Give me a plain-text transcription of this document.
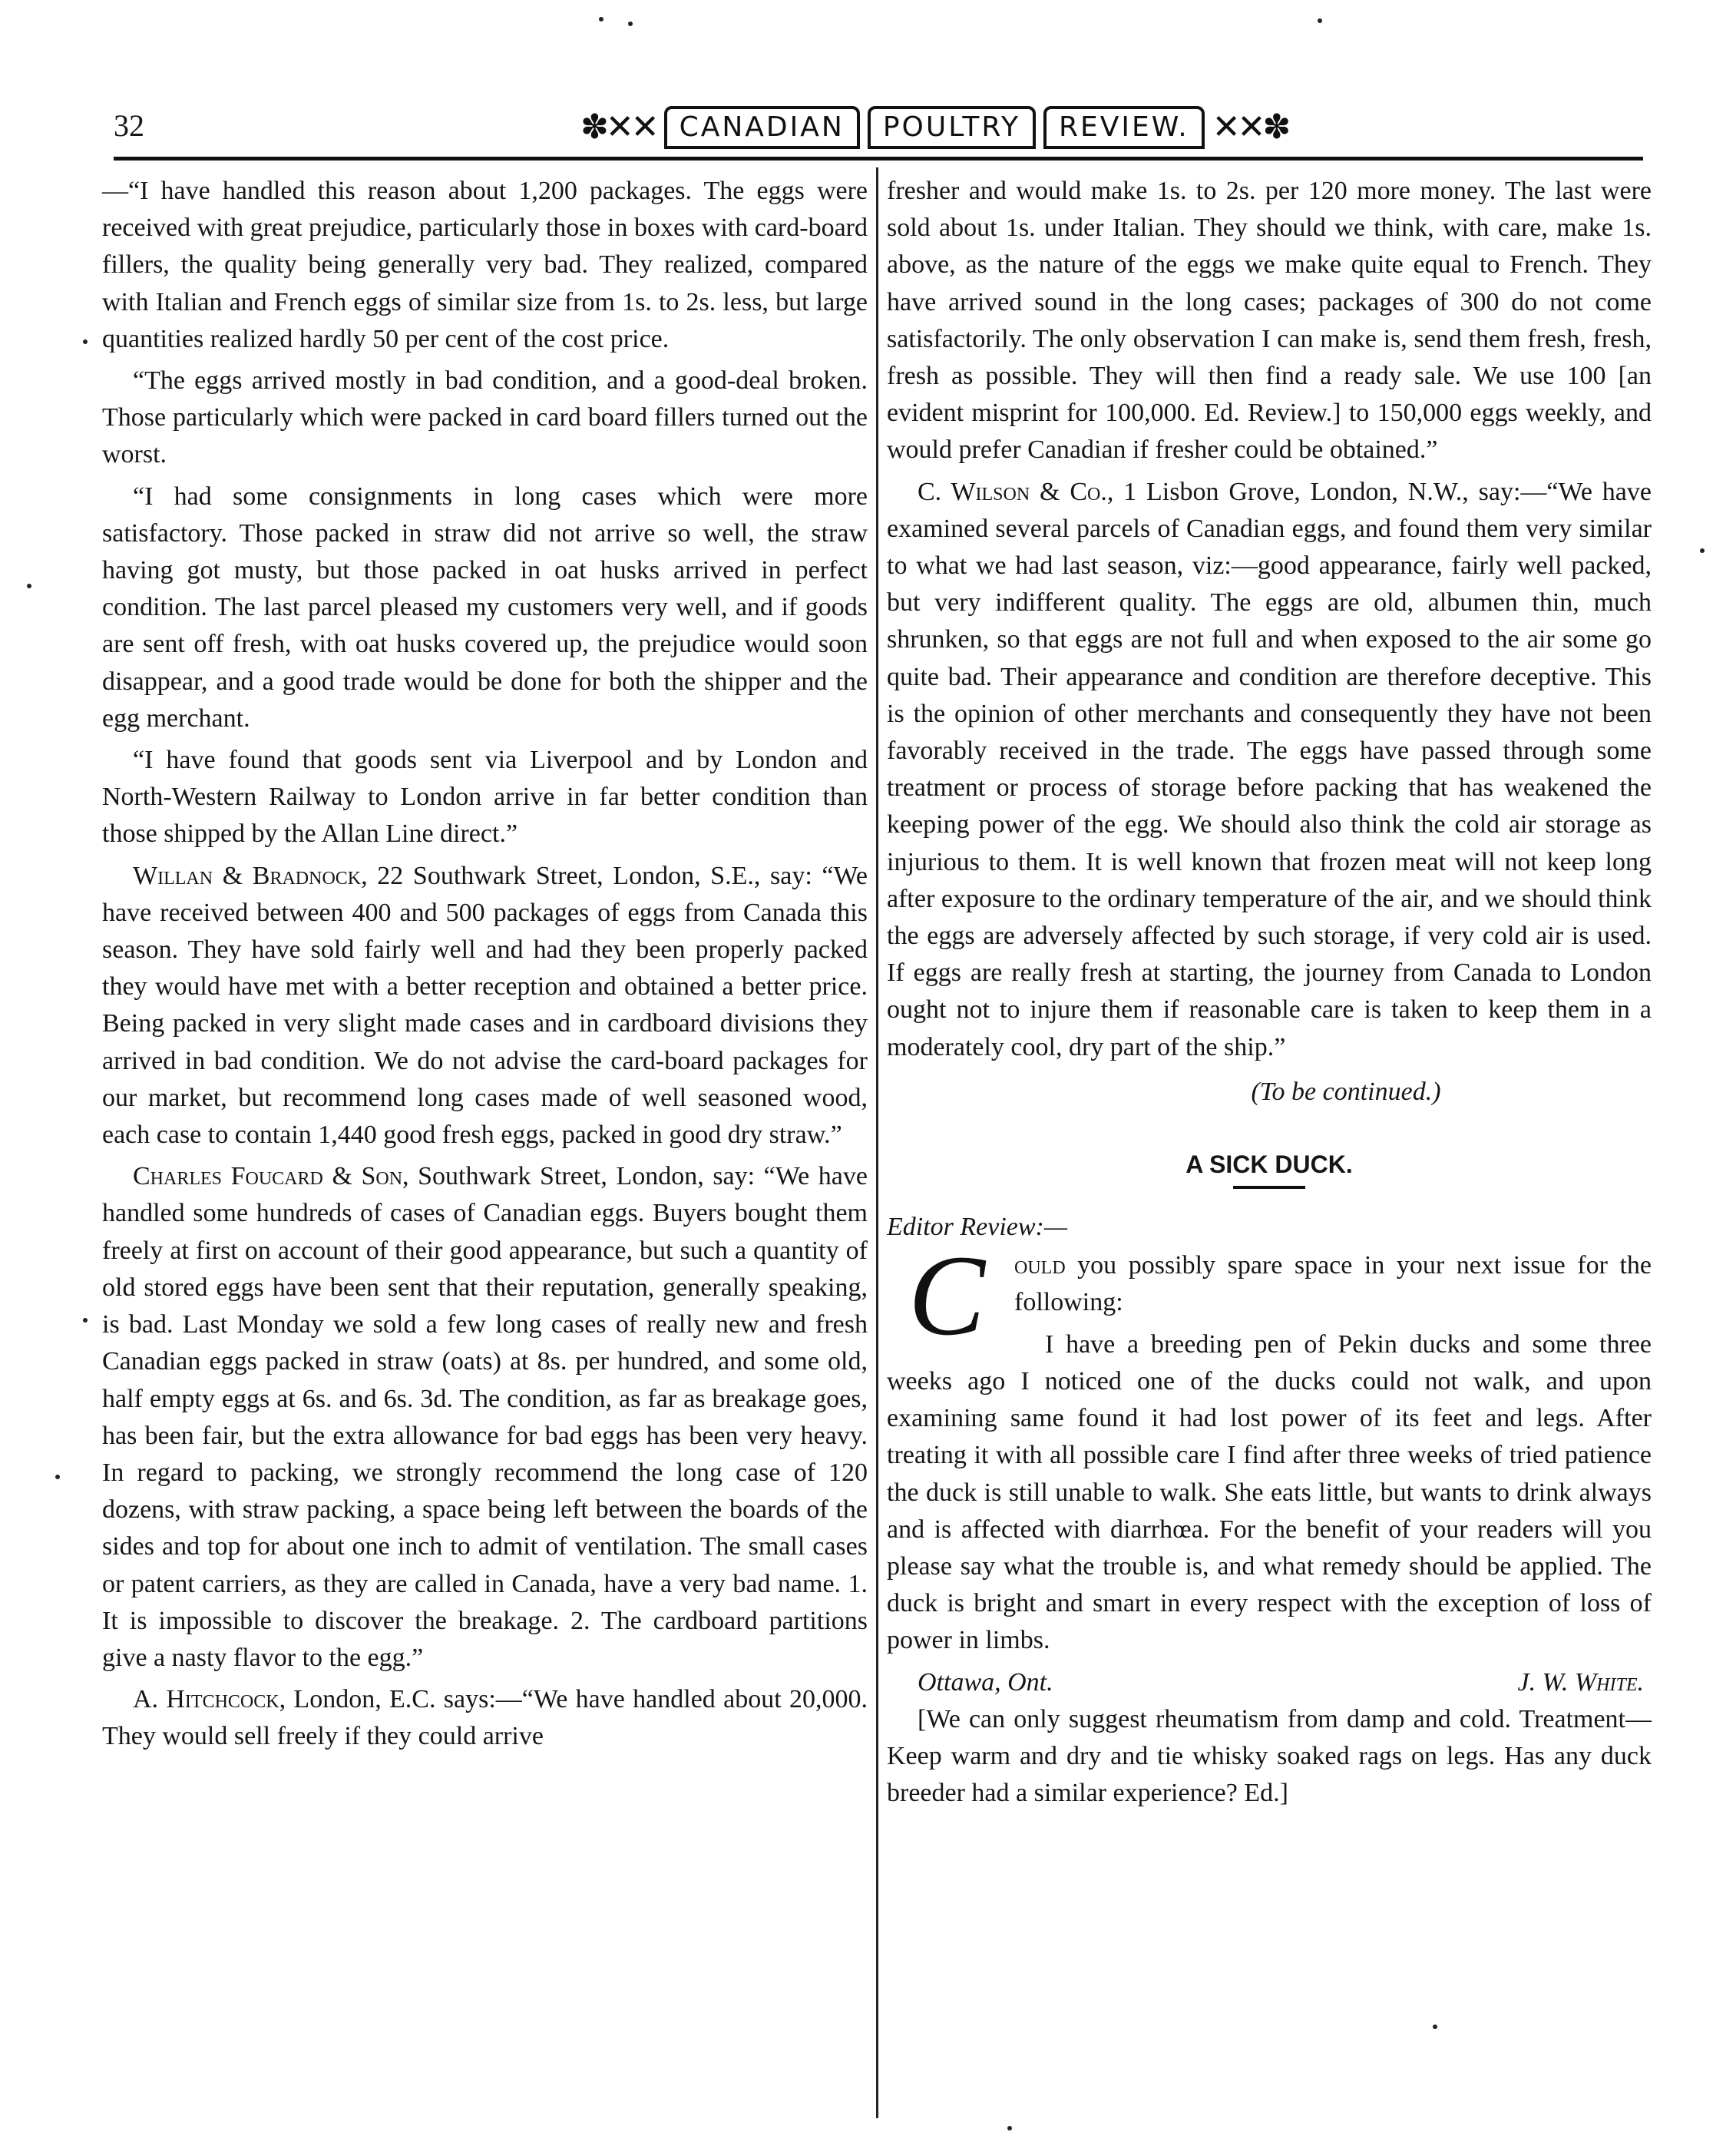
32	✽✕✕ CANADIAN	POULTRY	REVIEW. ✕✕✽

—“I have handled this reason about 1,200 packages. The eggs were received with great prejudice, particularly those in boxes with card-board fillers, the quality being generally very bad. They realized, compared with Italian and French eggs of similar size from 1s. to 2s. less, but large quantities realized hardly 50 per cent of the cost price.

“The eggs arrived mostly in bad condition, and a good-deal broken. Those particularly which were packed in card board fillers turned out the worst.

“I had some consignments in long cases which were more satisfactory. Those packed in straw did not arrive so well, the straw having got musty, but those packed in oat husks arrived in perfect condition. The last parcel pleased my customers very well, and if goods are sent off fresh, with oat husks covered up, the prejudice would soon disappear, and a good trade would be done for both the shipper and the egg merchant.

“I have found that goods sent via Liverpool and by London and North-Western Railway to London arrive in far better condition than those shipped by the Allan Line direct.”

Willan & Bradnock, 22 Southwark Street, London, S.E., say: “We have received between 400 and 500 packages of eggs from Canada this season. They have sold fairly well and had they been properly packed they would have met with a better reception and obtained a better price. Being packed in very slight made cases and in cardboard divisions they arrived in bad condition. We do not advise the card-board packages for our market, but recommend long cases made of well seasoned wood, each case to contain 1,440 good fresh eggs, packed in good dry straw.”

Charles Foucard & Son, Southwark Street, London, say: “We have handled some hundreds of cases of Canadian eggs. Buyers bought them freely at first on account of their good appearance, but such a quantity of old stored eggs have been sent that their reputation, generally speaking, is bad. Last Monday we sold a few long cases of really new and fresh Canadian eggs packed in straw (oats) at 8s. per hundred, and some old, half empty eggs at 6s. and 6s. 3d. The condition, as far as breakage goes, has been fair, but the extra allowance for bad eggs has been very heavy. In regard to packing, we strongly recommend the long case of 120 dozens, with straw packing, a space being left between the boards of the sides and top for about one inch to admit of ventilation. The small cases or patent carriers, as they are called in Canada, have a very bad name. 1. It is impossible to discover the breakage. 2. The cardboard partitions give a nasty flavor to the egg.”

A. Hitchcock, London, E.C. says:—“We have handled about 20,000. They would sell freely if they could arrive

fresher and would make 1s. to 2s. per 120 more money. The last were sold about 1s. under Italian. They should we think, with care, make 1s. above, as the nature of the eggs we make quite equal to French. They have arrived sound in the long cases; packages of 300 do not come satisfactorily. The only observation I can make is, send them fresh, fresh, fresh as possible. They will then find a ready sale. We use 100 [an evident misprint for 100,000. Ed. Review.] to 150,000 eggs weekly, and would prefer Canadian if fresher could be obtained.”

C. Wilson & Co., 1 Lisbon Grove, London, N.W., say:—“We have examined several parcels of Canadian eggs, and found them very similar to what we had last season, viz:—good appearance, fairly well packed, but very indifferent quality. The eggs are old, albumen thin, much shrunken, so that eggs are not full and when exposed to the air some go quite bad. Their appearance and condition are therefore deceptive. This is the opinion of other merchants and consequently they have not been favorably received in the trade. The eggs have passed through some treatment or process of storage before packing that has weakened the keeping power of the egg. We should also think the cold air storage as injurious to them. It is well known that frozen meat will not keep long after exposure to the ordinary temperature of the air, and we should think the eggs are adversely affected by such storage, if very cold air is used. If eggs are really fresh at starting, the journey from Canada to London ought not to injure them if reasonable care is taken to keep them in a moderately cool, dry part of the ship.”

(To be continued.)
A SICK DUCK.
Editor Review:—

C	ould you possibly spare space in your next issue for the following:

I have a breeding pen of Pekin ducks and some three weeks ago I noticed one of the ducks could not walk, and upon examining same found it had lost power of its feet and legs. After treating it with all possible care I find after three weeks of tried patience the duck is still unable to walk. She eats little, but wants to drink always and is affected with diarrhœa. For the benefit of your readers will you please say what the trouble is, and what remedy should be applied. The duck is bright and smart in every respect with the exception of loss of power in limbs.

Ottawa, Ont.	J. W. White.

[We can only suggest rheumatism from damp and cold. Treatment—Keep warm and dry and tie whisky soaked rags on legs. Has any duck breeder had a similar experience? Ed.]
